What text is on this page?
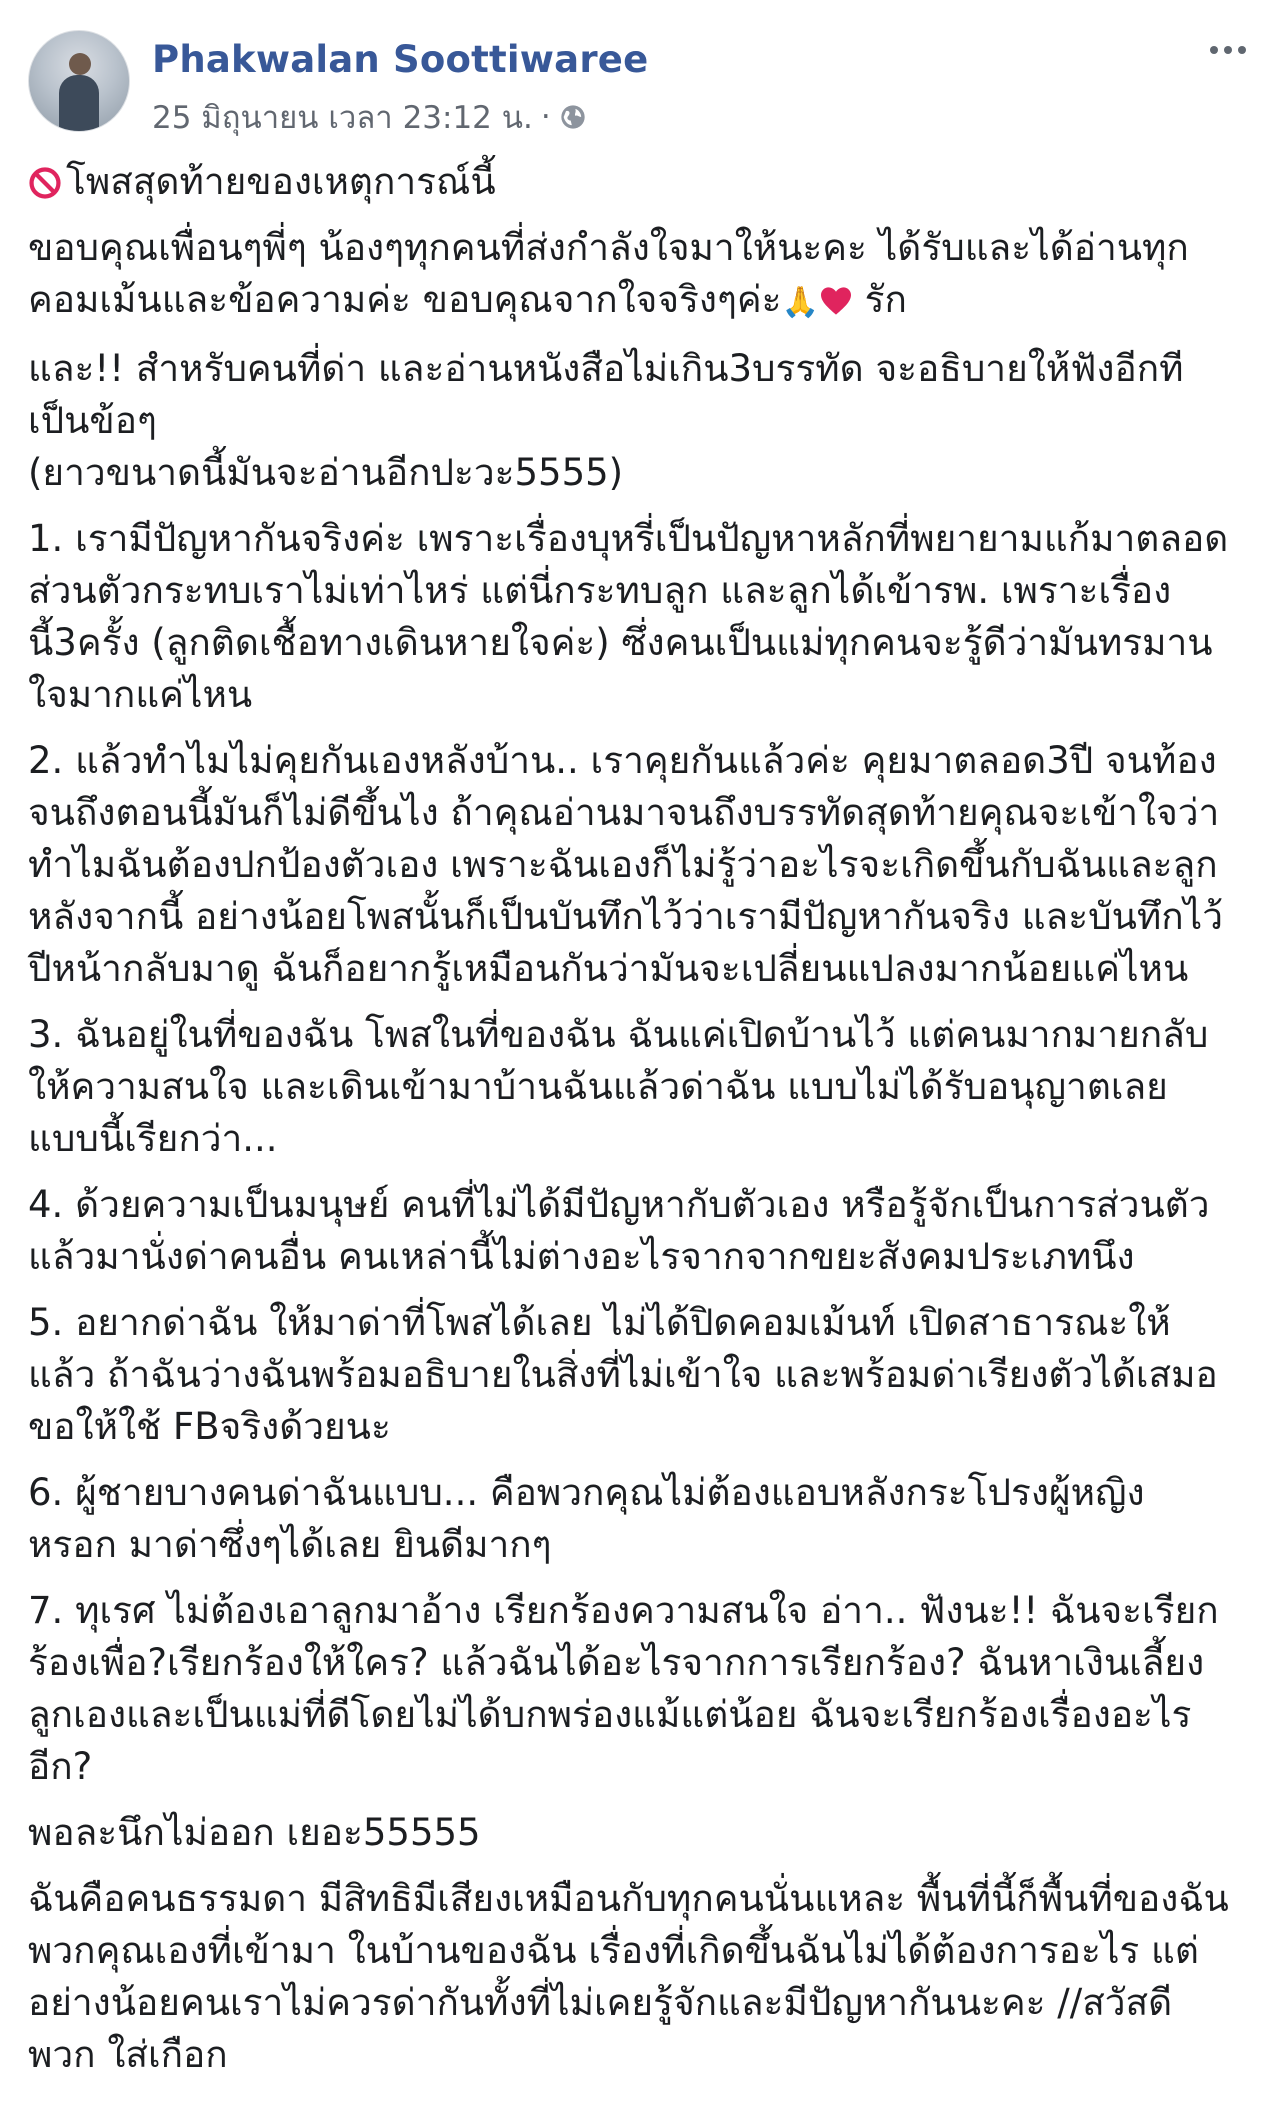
Phakwalan Soottiwaree
25 มิถุนายน เวลา 23:12 น. ·
โพสสุดท้ายของเหตุการณ์นี้
ขอบคุณเพื่อนๆพี่ๆ น้องๆทุกคนที่ส่งกำลังใจมาให้นะคะ ได้รับและได้อ่านทุก
คอมเม้นและข้อความค่ะ ขอบคุณจากใจจริงๆค่ะ🙏 รัก
และ!! สำหรับคนที่ด่า และอ่านหนังสือไม่เกิน3บรรทัด จะอธิบายให้ฟังอีกที
เป็นข้อๆ
(ยาวขนาดนี้มันจะอ่านอีกปะวะ5555)
1. เรามีปัญหากันจริงค่ะ เพราะเรื่องบุหรี่เป็นปัญหาหลักที่พยายามแก้มาตลอด
ส่วนตัวกระทบเราไม่เท่าไหร่ แต่นี่กระทบลูก และลูกได้เข้ารพ. เพราะเรื่อง
นี้3ครั้ง (ลูกติดเชื้อทางเดินหายใจค่ะ) ซึ่งคนเป็นแม่ทุกคนจะรู้ดีว่ามันทรมาน
ใจมากแค่ไหน
2. แล้วทำไมไม่คุยกันเองหลังบ้าน.. เราคุยกันแล้วค่ะ คุยมาตลอด3ปี จนท้อง
จนถึงตอนนี้มันก็ไม่ดีขึ้นไง ถ้าคุณอ่านมาจนถึงบรรทัดสุดท้ายคุณจะเข้าใจว่า
ทำไมฉันต้องปกป้องตัวเอง เพราะฉันเองก็ไม่รู้ว่าอะไรจะเกิดขึ้นกับฉันและลูก
หลังจากนี้ อย่างน้อยโพสนั้นก็เป็นบันทึกไว้ว่าเรามีปัญหากันจริง และบันทึกไว้
ปีหน้ากลับมาดู ฉันก็อยากรู้เหมือนกันว่ามันจะเปลี่ยนแปลงมากน้อยแค่ไหน
3. ฉันอยู่ในที่ของฉัน โพสในที่ของฉัน ฉันแค่เปิดบ้านไว้ แต่คนมากมายกลับ
ให้ความสนใจ และเดินเข้ามาบ้านฉันแล้วด่าฉัน แบบไม่ได้รับอนุญาตเลย
แบบนี้เรียกว่า...
4. ด้วยความเป็นมนุษย์ คนที่ไม่ได้มีปัญหากับตัวเอง หรือรู้จักเป็นการส่วนตัว
แล้วมานั่งด่าคนอื่น คนเหล่านี้ไม่ต่างอะไรจากจากขยะสังคมประเภทนึง
5. อยากด่าฉัน ให้มาด่าที่โพสได้เลย ไม่ได้ปิดคอมเม้นท์ เปิดสาธารณะให้
แล้ว ถ้าฉันว่างฉันพร้อมอธิบายในสิ่งที่ไม่เข้าใจ และพร้อมด่าเรียงตัวได้เสมอ
ขอให้ใช้ FBจริงด้วยนะ
6. ผู้ชายบางคนด่าฉันแบบ... คือพวกคุณไม่ต้องแอบหลังกระโปรงผู้หญิง
หรอก มาด่าซึ่งๆได้เลย ยินดีมากๆ
7. ทุเรศ ไม่ต้องเอาลูกมาอ้าง เรียกร้องความสนใจ อ่าา.. ฟังนะ!! ฉันจะเรียก
ร้องเพื่อ?เรียกร้องให้ใคร? แล้วฉันได้อะไรจากการเรียกร้อง? ฉันหาเงินเลี้ยง
ลูกเองและเป็นแม่ที่ดีโดยไม่ได้บกพร่องแม้แต่น้อย ฉันจะเรียกร้องเรื่องอะไร
อีก?
พอละนึกไม่ออก เยอะ55555
ฉันคือคนธรรมดา มีสิทธิมีเสียงเหมือนกับทุกคนนั่นแหละ พื้นที่นี้ก็พื้นที่ของฉัน
พวกคุณเองที่เข้ามา ในบ้านของฉัน เรื่องที่เกิดขึ้นฉันไม่ได้ต้องการอะไร แต่
อย่างน้อยคนเราไม่ควรด่ากันทั้งที่ไม่เคยรู้จักและมีปัญหากันนะคะ //สวัสดี
พวก ใส่เกือก
